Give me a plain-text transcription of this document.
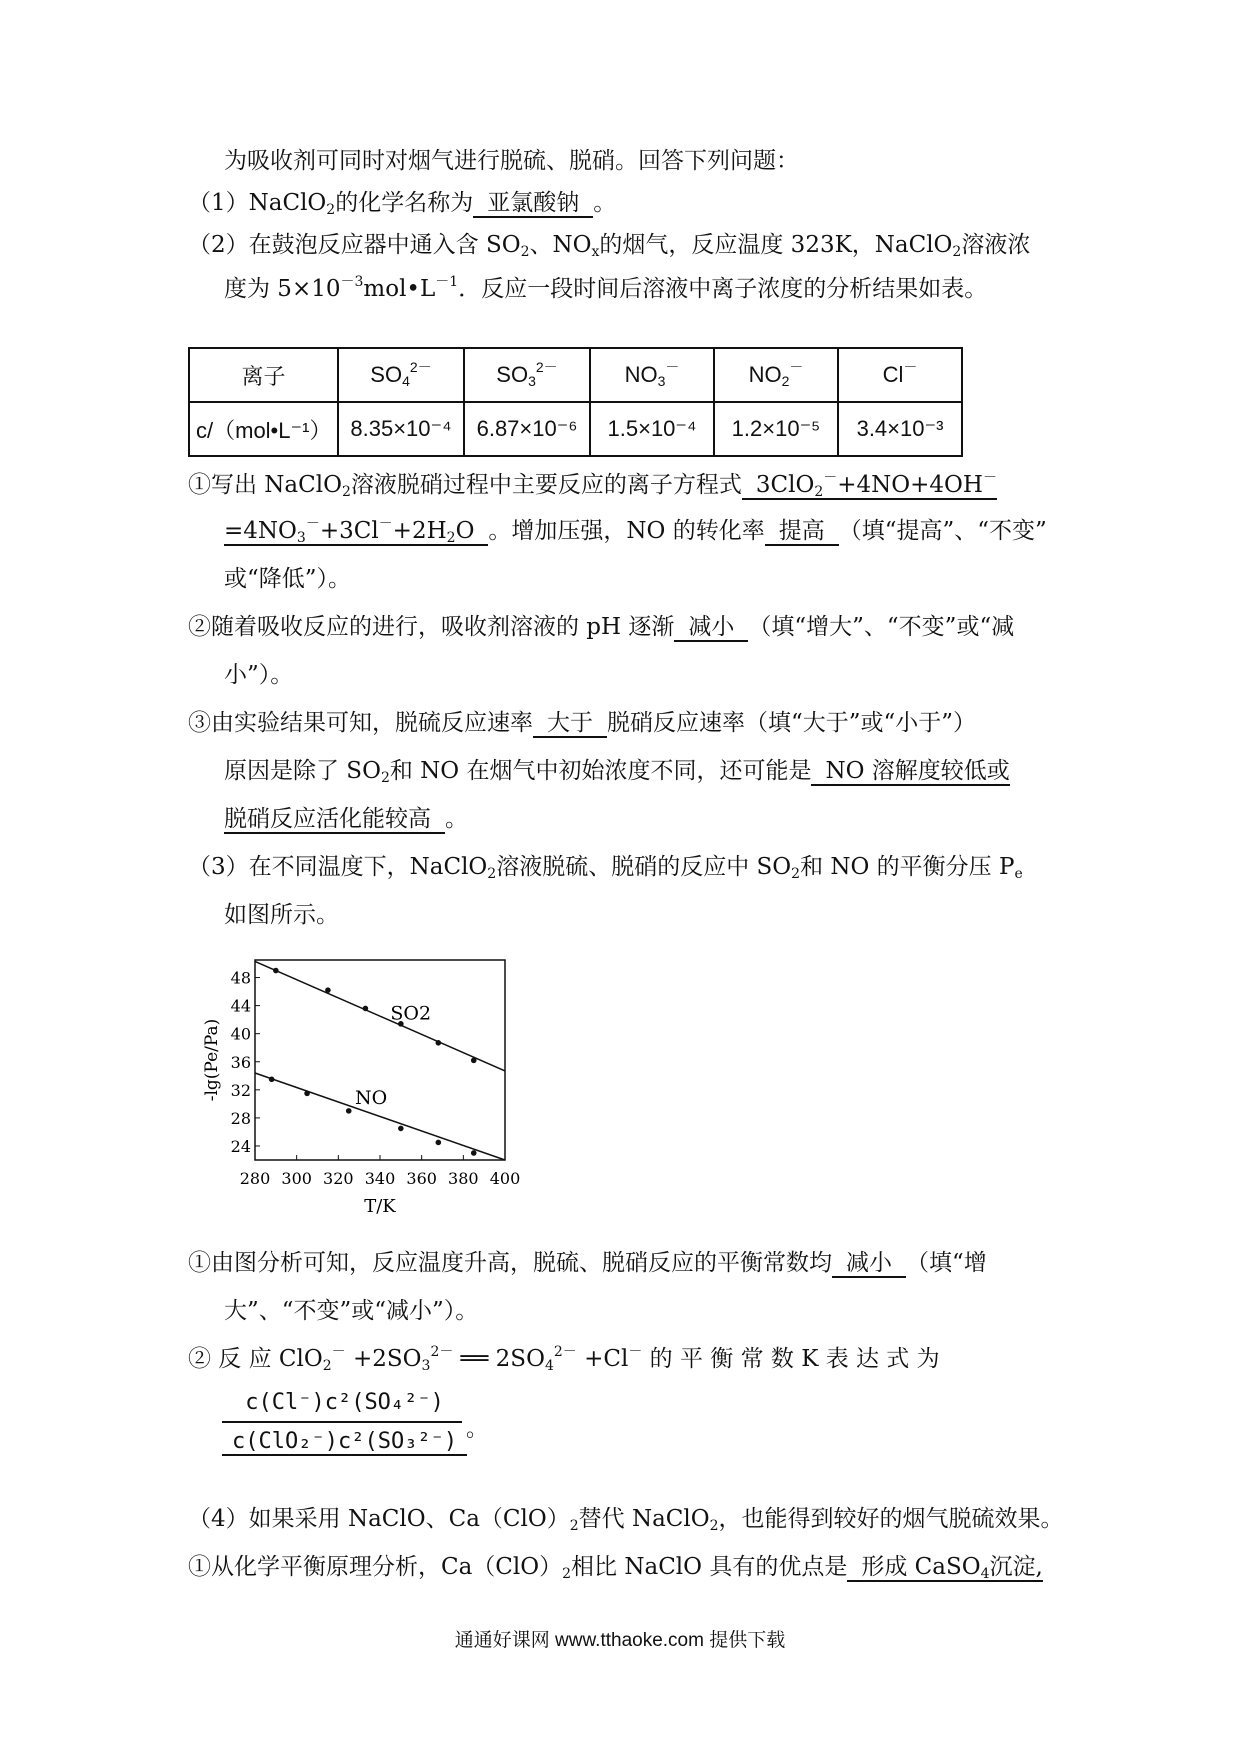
为吸收剂可同时对烟气进行脱硫、脱硝。回答下列问题：
（1）NaClO$_2$的化学名称为 亚氯酸钠 。
（2）在鼓泡反应器中通入含 $SO_2$、$NO_x$的烟气，反应温度 323K，NaClO$_2$溶液浓
度为 $5\times 10^{-3}mol•L^{-1}$．反应一段时间后溶液中离子浓度的分析结果如表。
离子	$SO_4^{2-}$	$SO_3^{2-}$	$NO_3^-$	$NO_2^-$	Cl－
c/（mol•L⁻¹）	8.35×10⁻⁴	6.87×10⁻⁶	1.5×10⁻⁴	1.2×10⁻⁵	3.4×10⁻³
①写出 NaClO$_2$溶液脱硝过程中主要反应的离子方程式 3ClO$_2$－+4NO+4OH－
$=4NO_3^-+3Cl^-+2H_2O$ 。增加压强，NO 的转化率 提高 （填“提高”、“不变”
或“降低”）。
②随着吸收反应的进行，吸收剂溶液的 pH 逐渐 减小 （填“增大”、“不变”或“减
小”）。
③由实验结果可知，脱硫反应速率 大于 脱硝反应速率（填“大于”或“小于”）
原因是除了 $SO_2$和 NO 在烟气中初始浓度不同，还可能是 NO 溶解度较低或
脱硝反应活化能较高 。
（3）在不同温度下，NaClO$_2$溶液脱硫、脱硝的反应中 $SO_2$和 NO 的平衡分压 $P_e$
如图所示。
280 300 320 340 360 380 400
24
28
32
36
40
44
48
T/K
-lg(Pe/Pa)
SO2
NO
①由图分析可知，反应温度升高，脱硫、脱硝反应的平衡常数均 减小 （填“增
大”、“不变”或“减小”）。
② 反 应 $ClO_2^- +2SO_3^{2-}$ ══ $2SO_4^{2-} +Cl^-$ 的 平 衡 常 数 K 表 达 式 为
c(Cl⁻)c²(SO₄²⁻)
c(ClO₂⁻)c²(SO₃²⁻) 。
（4）如果采用 NaClO、$Ca(ClO)_2$替代 NaClO$_2$，也能得到较好的烟气脱硫效果。
①从化学平衡原理分析，$Ca(ClO)_2$相比 NaClO 具有的优点是 形成 CaSO$_4$沉淀,
通通好课网 www.tthaoke.com 提供下载
